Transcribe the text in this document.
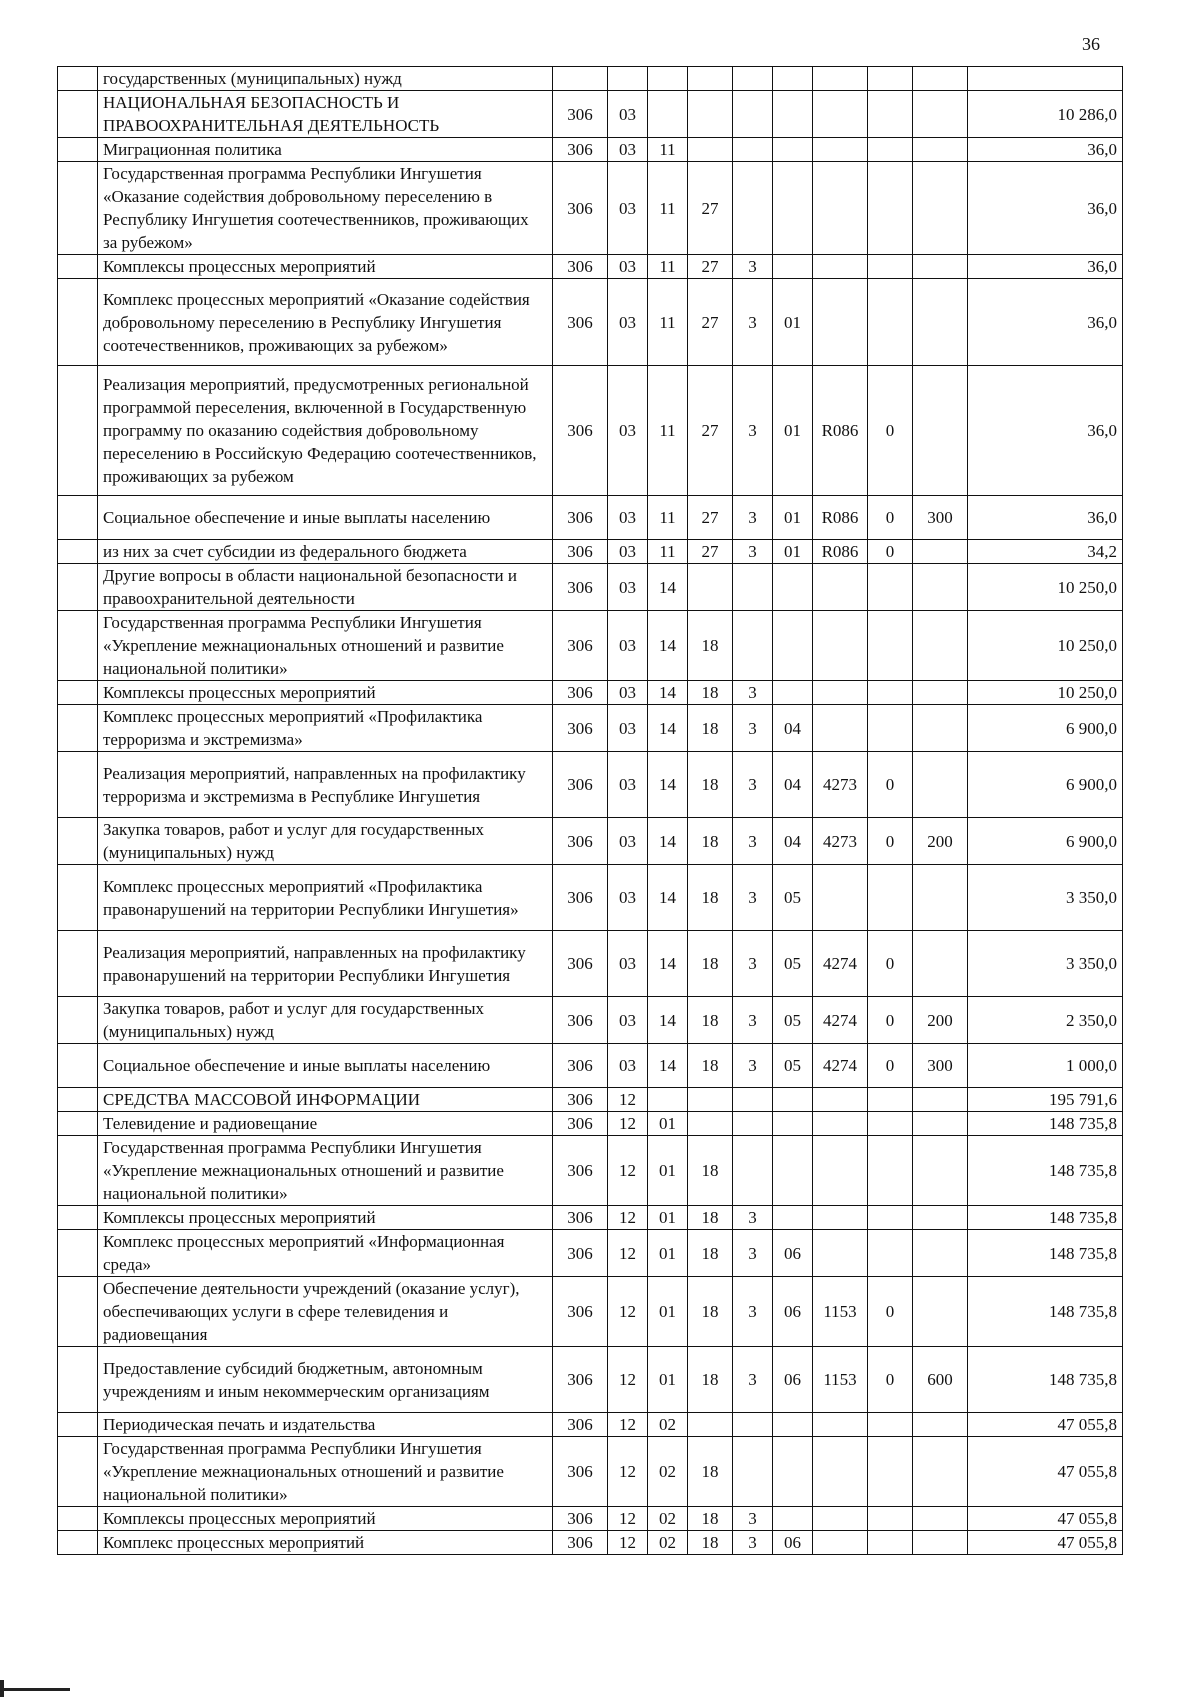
36
	государственных (муниципальных) нужд										
	НАЦИОНАЛЬНАЯ БЕЗОПАСНОСТЬ И ПРАВООХРАНИТЕЛЬНАЯ ДЕЯТЕЛЬНОСТЬ	306	03								10 286,0
	Миграционная политика	306	03	11							36,0
	Государственная программа Республики Ингушетия «Оказание содействия добровольному переселению в Республику Ингушетия соотечественников, проживающих за рубежом»	306	03	11	27						36,0
	Комплексы процессных мероприятий	306	03	11	27	3					36,0
	Комплекс процессных мероприятий «Оказание содействия добровольному переселению в Республику Ингушетия соотечественников, проживающих за рубежом»	306	03	11	27	3	01				36,0
	Реализация мероприятий, предусмотренных региональной программой переселения, включенной в Государственную программу по оказанию содействия добровольному переселению в Российскую Федерацию соотечественников, проживающих за рубежом	306	03	11	27	3	01	R086	0		36,0
	Социальное обеспечение и иные выплаты населению	306	03	11	27	3	01	R086	0	300	36,0
	из них за счет субсидии из федерального бюджета	306	03	11	27	3	01	R086	0		34,2
	Другие вопросы в области национальной безопасности и правоохранительной деятельности	306	03	14							10 250,0
	Государственная программа Республики Ингушетия «Укрепление межнациональных отношений и развитие национальной политики»	306	03	14	18						10 250,0
	Комплексы процессных мероприятий	306	03	14	18	3					10 250,0
	Комплекс процессных мероприятий «Профилактика терроризма и экстремизма»	306	03	14	18	3	04				6 900,0
	Реализация мероприятий, направленных на профилактику терроризма и экстремизма в Республике Ингушетия	306	03	14	18	3	04	4273	0		6 900,0
	Закупка товаров, работ и услуг для государственных (муниципальных) нужд	306	03	14	18	3	04	4273	0	200	6 900,0
	Комплекс процессных мероприятий «Профилактика правонарушений на территории Республики Ингушетия»	306	03	14	18	3	05				3 350,0
	Реализация мероприятий, направленных на профилактику правонарушений на территории Республики Ингушетия	306	03	14	18	3	05	4274	0		3 350,0
	Закупка товаров, работ и услуг для государственных (муниципальных) нужд	306	03	14	18	3	05	4274	0	200	2 350,0
	Социальное обеспечение и иные выплаты населению	306	03	14	18	3	05	4274	0	300	1 000,0
	СРЕДСТВА МАССОВОЙ ИНФОРМАЦИИ	306	12								195 791,6
	Телевидение и радиовещание	306	12	01							148 735,8
	Государственная программа Республики Ингушетия «Укрепление межнациональных отношений и развитие национальной политики»	306	12	01	18						148 735,8
	Комплексы процессных мероприятий	306	12	01	18	3					148 735,8
	Комплекс процессных мероприятий «Информационная среда»	306	12	01	18	3	06				148 735,8
	Обеспечение деятельности учреждений (оказание услуг), обеспечивающих услуги в сфере телевидения и радиовещания	306	12	01	18	3	06	1153	0		148 735,8
	Предоставление субсидий бюджетным, автономным учреждениям и иным некоммерческим организациям	306	12	01	18	3	06	1153	0	600	148 735,8
	Периодическая печать и издательства	306	12	02							47 055,8
	Государственная программа Республики Ингушетия «Укрепление межнациональных отношений и развитие национальной политики»	306	12	02	18						47 055,8
	Комплексы процессных мероприятий	306	12	02	18	3					47 055,8
	Комплекс процессных мероприятий	306	12	02	18	3	06				47 055,8
